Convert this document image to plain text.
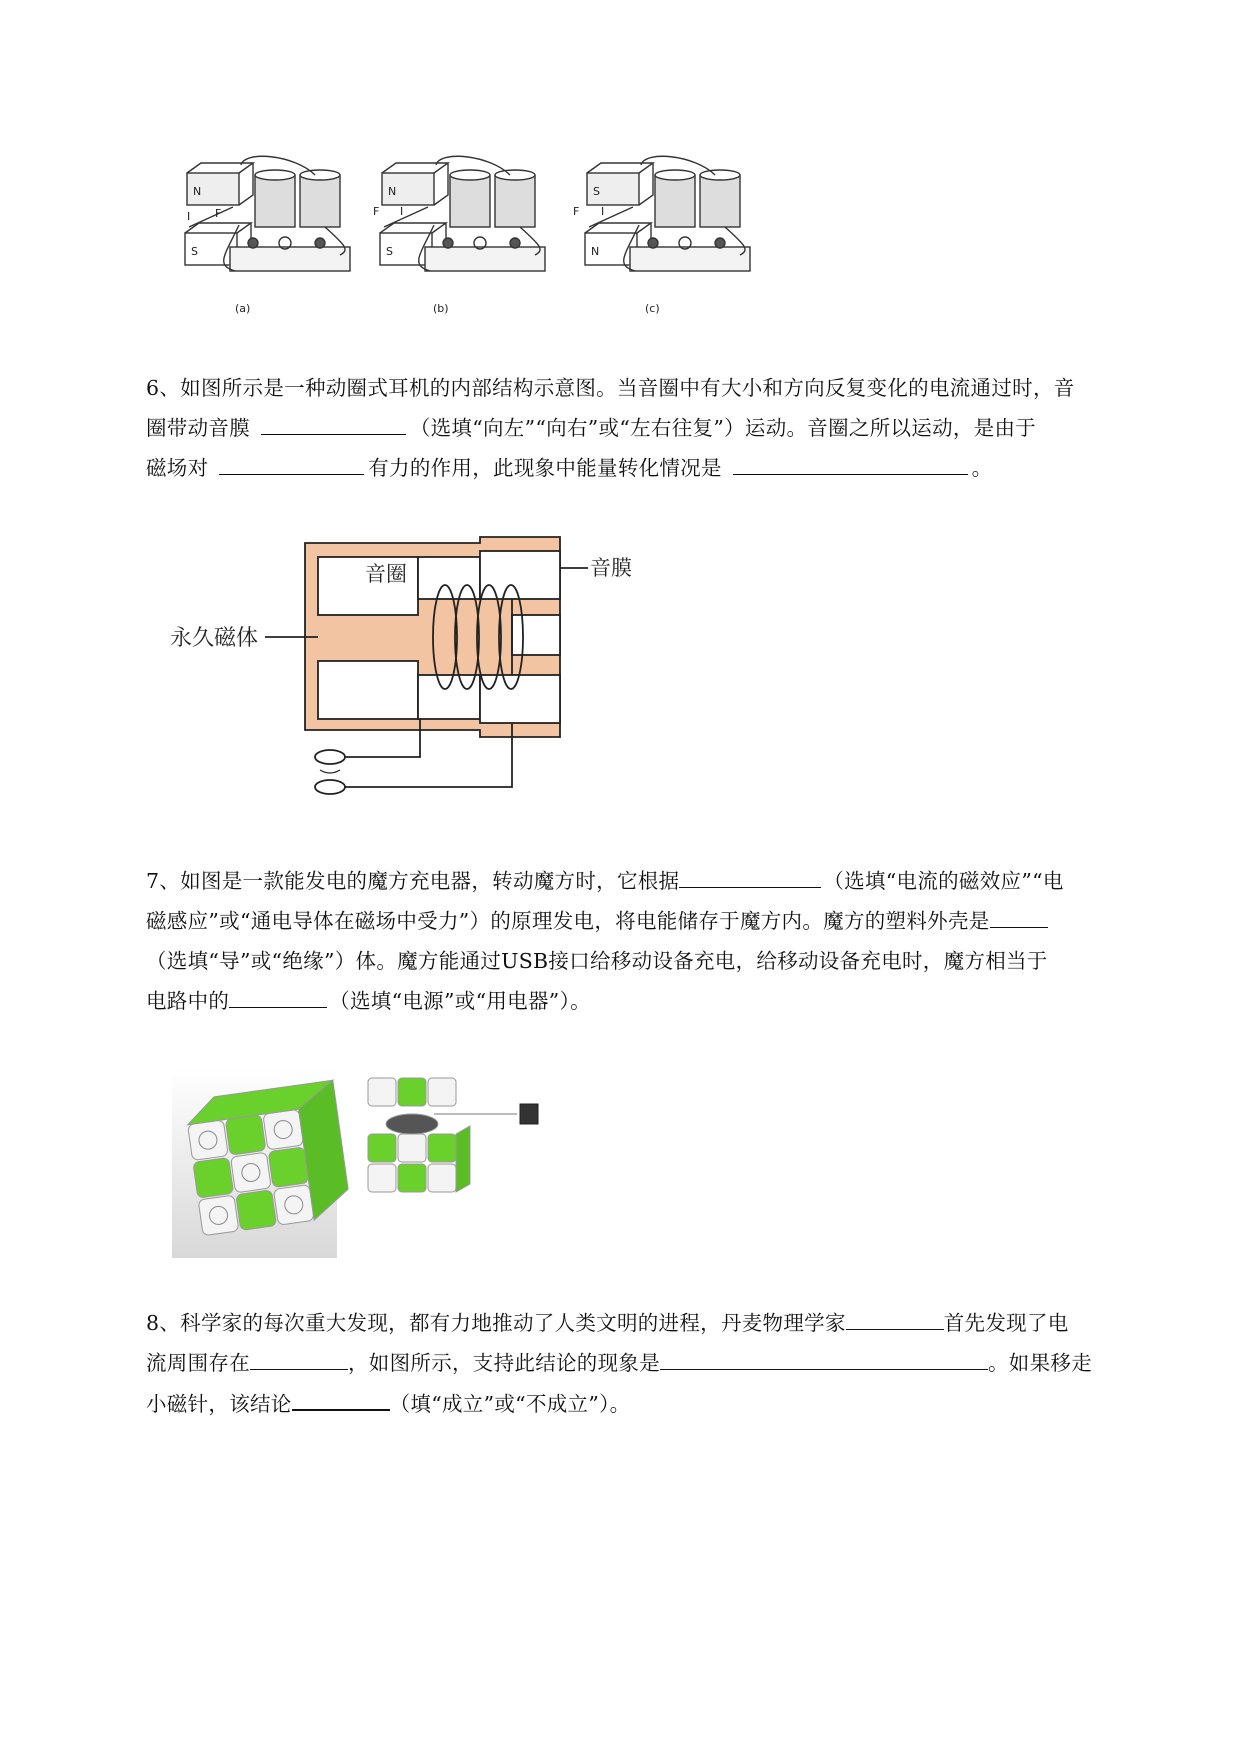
N
S
I F
(a)
N
S
F I
(b)
S
N
F I
(c)

6、如图所示是一种动圈式耳机的内部结构示意图。当音圈中有大小和方向反复变化的电流通过时，音

圈带动音膜	（选填“向左”“向右”或“左右往复”）运动。音圈之所以运动，是由于

磁场对	有力的作用，此现象中能量转化情况是	。

音圈	音膜
永久磁体

7、如图是一款能发电的魔方充电器，转动魔方时，它根据	（选填“电流的磁效应”“电

磁感应”或“通电导体在磁场中受力”）的原理发电，将电能储存于魔方内。魔方的塑料外壳是

（选填“导”或“绝缘”）体。魔方能通过USB接口给移动设备充电，给移动设备充电时，魔方相当于

电路中的	（选填“电源”或“用电器”）。

8、科学家的每次重大发现，都有力地推动了人类文明的进程，丹麦物理学家	首先发现了电

流周围存在	，如图所示，支持此结论的现象是	。如果移走

小磁针，该结论	（填“成立”或“不成立”）。
